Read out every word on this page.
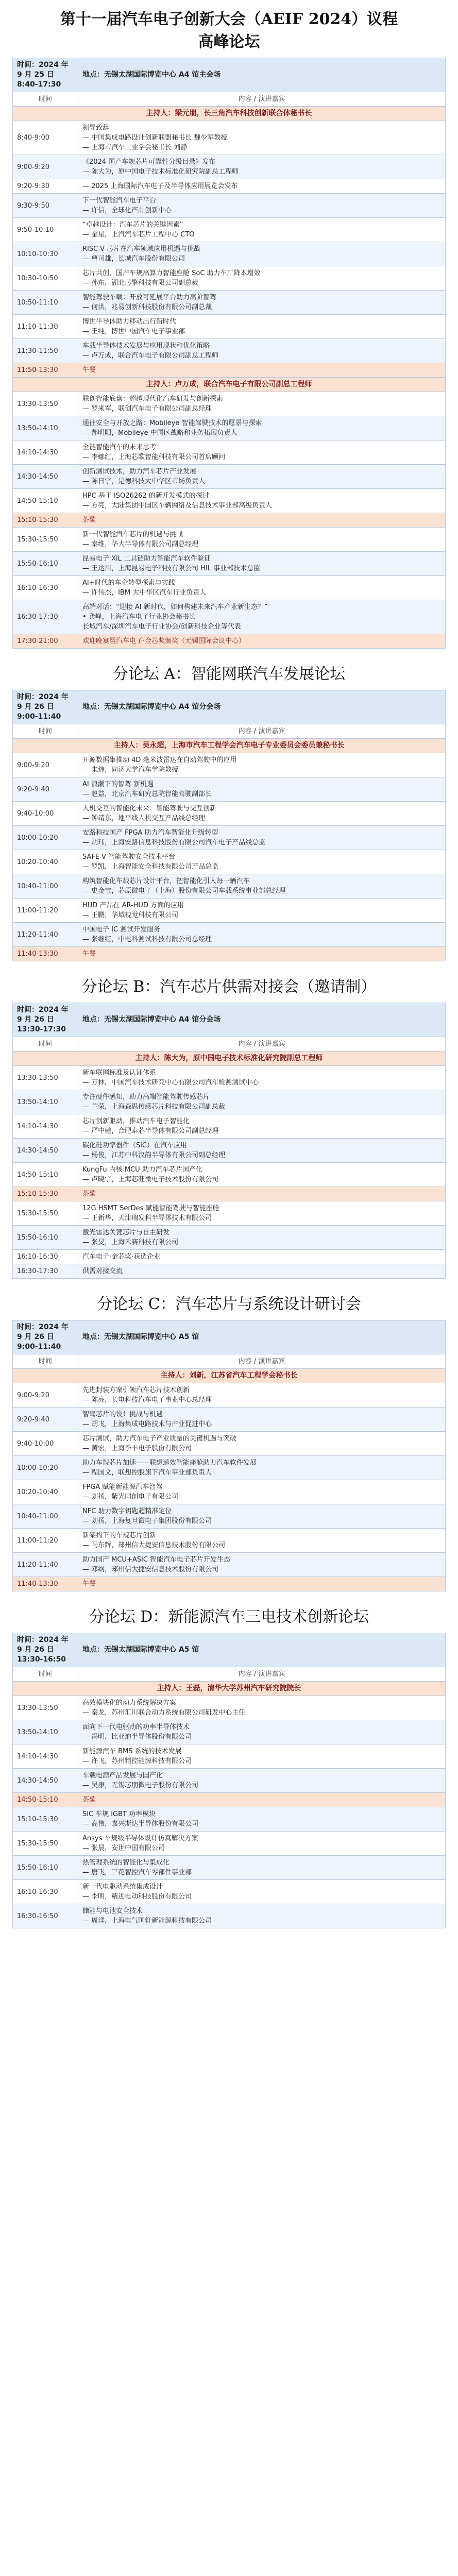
第十一届汽车电子创新大会（AEIF 2024）议程
高峰论坛
时间：2024 年 9 月 25 日 8:40-17:30	地点：无锡太湖国际博览中心 A4 馆主会场
时间	内容 / 演讲嘉宾
主持人：梁元朋，长三角汽车科技创新联合体秘书长	
8:40-9:00	领导致辞
— 中国集成电路设计创新联盟秘书长 魏少军教授
— 上海市汽车工业学会秘书长 刘静
9:00-9:20	《2024 国产车规芯片可靠性分级目录》发布
— 陈大为，原中国电子技术标准化研究院副总工程师
9:20-9:30	— 2025 上海国际汽车电子及半导体应用展览会发布
9:30-9:50	下一代智能汽车电子平台
— 许信，全球化产品创新中心
9:50-10:10	“卓越设计：汽车芯片的关键因素”
— 金星，上汽汽车芯片工程中心 CTO
10:10-10:30	RISC-V 芯片在汽车领域应用机遇与挑战
— 曹可雄，长城汽车股份有限公司
10:30-10:50	芯片共创，国产车规高算力智能座舱 SoC 助力车厂降本增效
— 孙东，湖北芯擎科技有限公司副总裁
10:50-11:10	智能驾驶车载：开放可延展平台助力高阶智驾
— 何洪，兆易创新科技股份有限公司副总裁
11:10-11:30	博世半导体助力移动出行新时代
— 王纯，博世中国汽车电子事业部
11:30-11:50	车载半导体技术发展与应用现状和优化策略
— 卢万成，联合汽车电子有限公司副总工程师
11:50-13:30	午餐
主持人：卢万成，联合汽车电子有限公司副总工程师	
13:30-13:50	联创智能底盘：超越现代化汽车研发与创新探索
— 罗来军，联创汽车电子有限公司副总经理
13:50-14:10	通往安全与开放之路：Mobileye 智能驾驶技术的愿景与探索
— 郝明阳，Mobileye 中国区战略和业务拓展负责人
14:10-14:30	全链智能汽车的未来思考
— 李娜红，上海芯歌智能科技有限公司首席顾问
14:30-14:50	创新测试技术，助力汽车芯片产业发展
— 陈日宇，是德科技大中华区市场负责人
14:50-15:10	HPC 基于 ISO26262 的新开发模式的探讨
— 方亮，大陆集团中国区车辆网络及信息技术事业部高级负责人
15:10-15:30	茶歇
15:30-15:50	新一代智能汽车芯片的机遇与挑战
— 秦维，华大半导体有限公司副总经理
15:50-16:10	昆易电子 XiL 工具链助力智能汽车软件验证
— 王达川，上海昆易电子科技有限公司 HIL 事业部技术总监
16:10-16:30	AI+时代的车企转型探索与实践
— 许伟杰，IBM 大中华区汽车行业负责人
16:30-17:30	高端对话：“迎接 AI 新时代，如何构建未来汽车产业新生态？”
• 龚峰，上海汽车电子行业协会秘书长
长城汽车/深圳汽车电子行业协会/创新科技企业等代表
17:30-21:00	欢迎晚宴暨汽车电子·金芯奖颁奖（无锡国际会议中心）
分论坛 A：智能网联汽车发展论坛
时间：2024 年 9 月 26 日 9:00-11:40	地点：无锡太湖国际博览中心 A4 馆分会场
时间	内容 / 演讲嘉宾
主持人：吴永超，上海市汽车工程学会汽车电子专业委员会委员兼秘书长	
9:00-9:20	开源数据集推动 4D 毫米波雷达在自动驾驶中的应用
— 朱炜，同济大学汽车学院教授
9:20-9:40	AI 浪潮下的智驾 新机遇
— 赵益，北京汽车研究总院智能驾驶副部长
9:40-10:00	人机交互的智能化未来：智能驾驶与交互创新
— 钟靖东，地平线人机交互产品线总经理
10:00-10:20	安路科技国产 FPGA 助力汽车智能化升级转型
— 胡玮，上海安路信息科技股份有限公司汽车电子产品线总监
10:20-10:40	SAFE-V 智能驾驶安全技术平台
— 罗凯，上海智能安全科技有限公司产品总监
10:40-11:00	构筑智能化车载芯片设计平台，把智能化引入每一辆汽车
— 史金宝，芯原微电子（上海）股份有限公司车载系统事业部总经理
11:00-11:20	HUD 产品在 AR-HUD 方面的应用
— 王鹏，华域视觉科技有限公司
11:20-11:40	中国电子 IC 测试开发服务
— 张继红，中电科测试科技有限公司总经理
11:40-13:30	午餐
分论坛 B：汽车芯片供需对接会（邀请制）
时间：2024 年 9 月 26 日 13:30-17:30	地点：无锡太湖国际博览中心 A4 馆分会场
时间	内容 / 演讲嘉宾
主持人：陈大为，原中国电子技术标准化研究院副总工程师	
13:30-13:50	新车联网标准及认证体系
— 万林，中国汽车技术研究中心有限公司汽车检测测试中心
13:50-14:10	专注硬件感知，助力高端智能驾驶传感芯片
— 兰荣，上海森思传感芯片科技有限公司副总裁
14:10-14:30	芯片创新驱动，推动汽车电子智能化
— 严中驰，合肥泰芯半导体有限公司副总经理
14:30-14:50	碳化硅功率器件（SiC）在汽车应用
— 杨俊，江苏中科汉韵半导体有限公司副总经理
14:50-15:10	KungFu 内核 MCU 助力汽车芯片国产化
— 卢晓宇，上海芯旺微电子技术股份有限公司
15:10-15:30	茶歇
15:30-15:50	12G HSMT SerDes 赋能智能驾驶与智能座舱
— 王新华，天津瑞发科半导体技术有限公司
15:50-16:10	激光雷达关键芯片与自主研发
— 张旻，上海禾赛科技有限公司
16:10-16:30	汽车电子·金芯奖·获选企业
16:30-17:30	供需对接交流
分论坛 C：汽车芯片与系统设计研讨会
时间：2024 年 9 月 26 日 9:00-11:40	地点：无锡太湖国际博览中心 A5 馆
时间	内容 / 演讲嘉宾
主持人：刘新，江苏省汽车工程学会秘书长	
9:00-9:20	先进封装方案引领汽车芯片技术创新
— 陈亮，长电科技汽车电子事业中心总经理
9:20-9:40	智驾芯片的设计挑战与机遇
— 胡飞，上海集成电路技术与产业促进中心
9:40-10:00	芯片测试，助力汽车电子产业质量的关键机遇与突破
— 黄宏，上海季丰电子股份有限公司
10:00-10:20	助力车规芯片加速——联想速效智能座舱助力汽车软件发展
— 程国文，联想控股旗下汽车事业部负责人
10:20-10:40	FPGA 赋能新能源汽车智驾
— 刘扬，紫光同创电子有限公司
10:40-11:00	NFC 助力数字钥匙超精准定位
— 刘扬，上海复旦微电子集团股份有限公司
11:00-11:20	新架构下的车规芯片创新
— 马东辉，郑州信大捷安信息技术股份有限公司
11:20-11:40	助力国产 MCU+ASIC 智能汽车电子芯片开发生态
— 邓纲，郑州信大捷安信息技术股份有限公司
11:40-13:30	午餐
分论坛 D：新能源汽车三电技术创新论坛
时间：2024 年 9 月 26 日 13:30-16:50	地点：无锡太湖国际博览中心 A5 馆
时间	内容 / 演讲嘉宾
主持人：王磊，清华大学苏州汽车研究院院长	
13:30-13:50	高效模块化的动力系统解决方案
— 秦龙，苏州汇川联合动力系统有限公司研发中心主任
13:50-14:10	面向下一代电驱动的功率半导体技术
— 冯明，比亚迪半导体股份有限公司
14:10-14:30	新能源汽车 BMS 系统的技术发展
— 许飞，苏州精控能源科技有限公司
14:30-14:50	车载电源产品发展与国产化
— 吴康，无锡芯朋微电子股份有限公司
14:50-15:10	茶歇
15:10-15:30	SiC 车规 IGBT 功率模块
— 高伟，嘉兴斯达半导体股份有限公司
15:30-15:50	Ansys 车规级半导体设计仿真解决方案
— 张晨，安世中国有限公司
15:50-16:10	热管理系统的智能化与集成化
— 唐飞，三花智控汽车零部件事业部
16:10-16:30	新一代电驱动系统集成设计
— 李明，精进电动科技股份有限公司
16:30-16:50	储能与电池安全技术
— 周洋，上海电气国轩新能源科技有限公司
